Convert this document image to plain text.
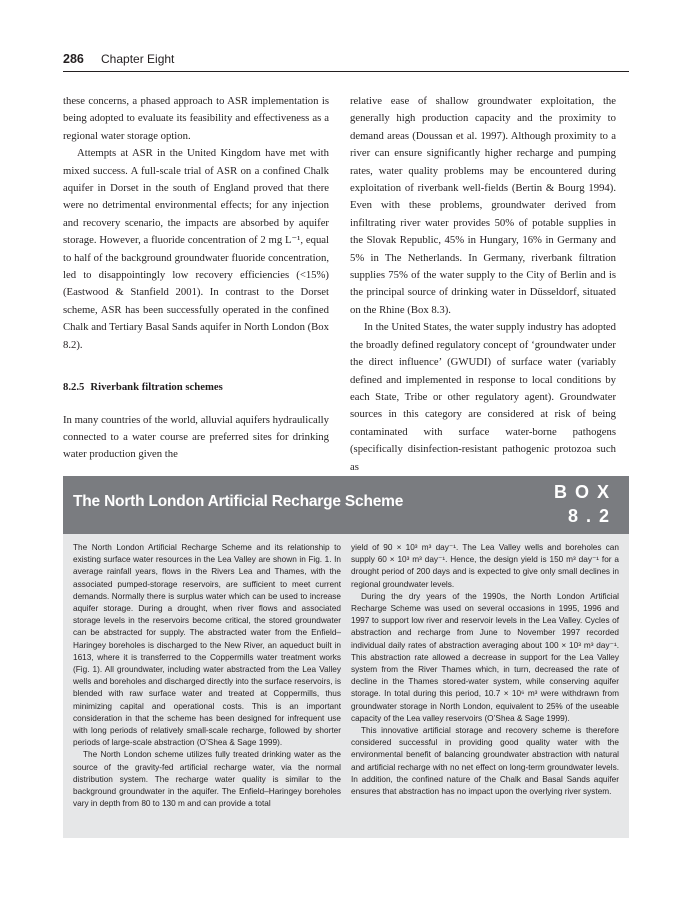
286 Chapter Eight

these concerns, a phased approach to ASR implementation is being adopted to evaluate its feasibility and effectiveness as a regional water storage option.

Attempts at ASR in the United Kingdom have met with mixed success. A full-scale trial of ASR on a confined Chalk aquifer in Dorset in the south of England proved that there were no detrimental environmental effects; for any injection and recovery scenario, the impacts are absorbed by aquifer storage. However, a fluoride concentration of 2 mg L⁻¹, equal to half of the background groundwater fluoride concentration, led to disappointingly low recovery efficiencies (<15%) (Eastwood & Stanfield 2001). In contrast to the Dorset scheme, ASR has been successfully operated in the confined Chalk and Tertiary Basal Sands aquifer in North London (Box 8.2).

8.2.5 Riverbank filtration schemes

In many countries of the world, alluvial aquifers hydraulically connected to a water course are preferred sites for drinking water production given the

relative ease of shallow groundwater exploitation, the generally high production capacity and the proximity to demand areas (Doussan et al. 1997). Although proximity to a river can ensure significantly higher recharge and pumping rates, water quality problems may be encountered during exploitation of riverbank well-fields (Bertin & Bourg 1994). Even with these problems, groundwater derived from infiltrating river water provides 50% of potable supplies in the Slovak Republic, 45% in Hungary, 16% in Germany and 5% in The Netherlands. In Germany, riverbank filtration supplies 75% of the water supply to the City of Berlin and is the principal source of drinking water in Düsseldorf, situated on the Rhine (Box 8.3).

In the United States, the water supply industry has adopted the broadly defined regulatory concept of ‘groundwater under the direct influence’ (GWUDI) of surface water (variably defined and implemented in response to local conditions by each State, Tribe or other regulatory agent). Groundwater sources in this category are considered at risk of being contaminated with surface water-borne pathogens (specifically disinfection-resistant pathogenic protozoa such as

The North London Artificial Recharge Scheme	BOX
8.2

The North London Artificial Recharge Scheme and its relationship to existing surface water resources in the Lea Valley are shown in Fig. 1. In average rainfall years, flows in the Rivers Lea and Thames, with the associated pumped-storage reservoirs, are sufficient to meet current demands. Normally there is surplus water which can be used to increase aquifer storage. During a drought, when river flows and associated storage levels in the reservoirs become critical, the stored groundwater can be abstracted for supply. The abstracted water from the Enfield–Haringey boreholes is discharged to the New River, an aqueduct built in 1613, where it is transferred to the Coppermills water treatment works (Fig. 1). All groundwater, including water abstracted from the Lea Valley wells and boreholes and discharged directly into the surface reservoirs, is blended with raw surface water and treated at Coppermills, thus minimizing capital and operational costs. This is an important consideration in that the scheme has been designed for infrequent use with long periods of relatively small-scale recharge, followed by shorter periods of large-scale abstraction (O’Shea & Sage 1999).

The North London scheme utilizes fully treated drinking water as the source of the gravity-fed artificial recharge water, via the normal distribution system. The recharge water quality is similar to the background groundwater in the aquifer. The Enfield–Haringey boreholes vary in depth from 80 to 130 m and can provide a total

yield of 90 × 10³ m³ day⁻¹. The Lea Valley wells and boreholes can supply 60 × 10³ m³ day⁻¹. Hence, the design yield is 150 m³ day⁻¹ for a drought period of 200 days and is expected to give only small declines in regional groundwater levels.

During the dry years of the 1990s, the North London Artificial Recharge Scheme was used on several occasions in 1995, 1996 and 1997 to support low river and reservoir levels in the Lea Valley. Cycles of abstraction and recharge from June to November 1997 recorded individual daily rates of abstraction averaging about 100 × 10³ m³ day⁻¹. This abstraction rate allowed a decrease in support for the Lea Valley system from the River Thames which, in turn, decreased the rate of decline in the Thames stored-water system, while conserving aquifer storage. In total during this period, 10.7 × 10⁶ m³ were withdrawn from groundwater storage in North London, equivalent to 25% of the useable capacity of the Lea valley reservoirs (O’Shea & Sage 1999).

This innovative artificial storage and recovery scheme is therefore considered successful in providing good quality water with the environmental benefit of balancing groundwater abstraction with natural and artificial recharge with no net effect on long-term groundwater levels. In addition, the confined nature of the Chalk and Basal Sands aquifer ensures that abstraction has no impact upon the overlying river system.
